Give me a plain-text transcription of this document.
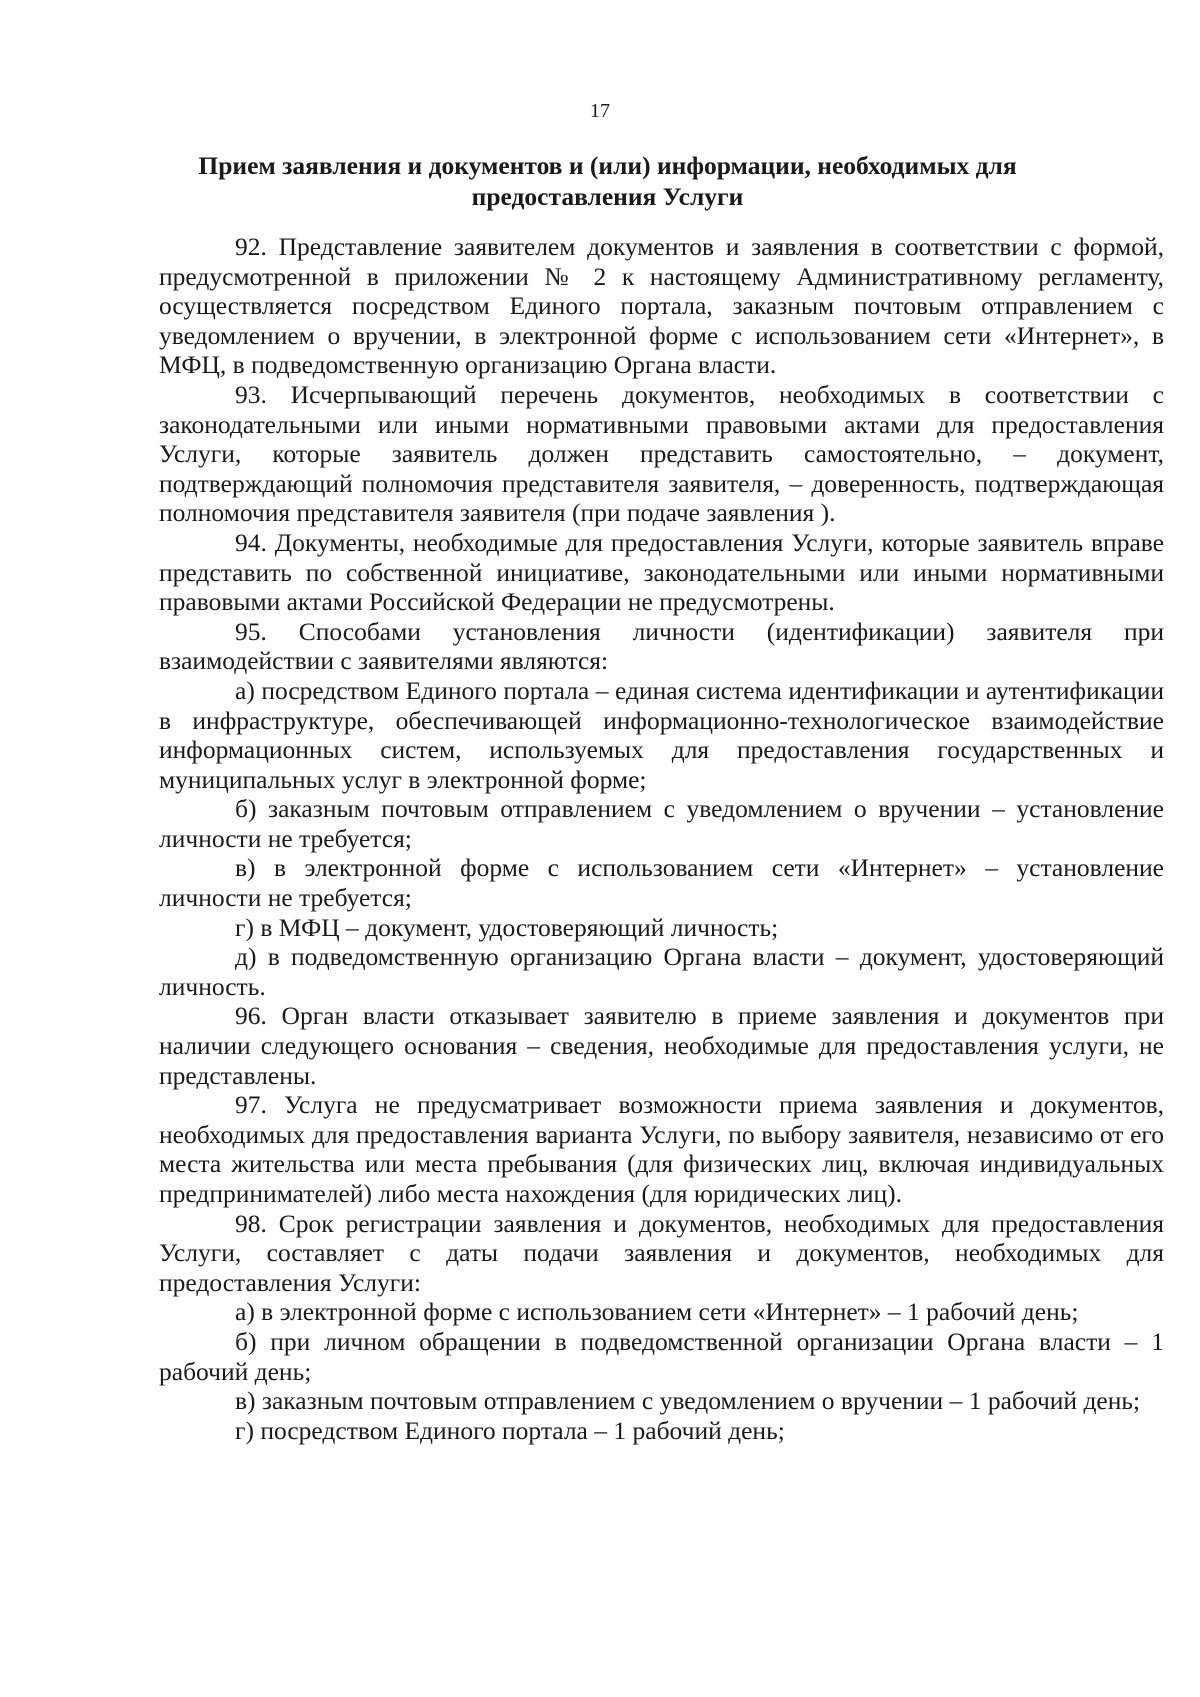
17
Прием заявления и документов и (или) информации, необходимых для
предоставления Услуги

92. Представление заявителем документов и заявления в соответствии с формой, предусмотренной в приложении № 2 к настоящему Административному регламенту, осуществляется посредством Единого портала, заказным почтовым отправлением с уведомлением о вручении, в электронной форме с использованием сети «Интернет», в МФЦ, в подведомственную организацию Органа власти.

93. Исчерпывающий перечень документов, необходимых в соответствии с законодательными или иными нормативными правовыми актами для предоставления Услуги, которые заявитель должен представить самостоятельно, – документ, подтверждающий полномочия представителя заявителя, – доверенность, подтверждающая полномочия представителя заявителя (при подаче заявления ).

94. Документы, необходимые для предоставления Услуги, которые заявитель вправе представить по собственной инициативе, законодательными или иными нормативными правовыми актами Российской Федерации не предусмотрены.

95. Способами установления личности (идентификации) заявителя при взаимодействии с заявителями являются:

а) посредством Единого портала – единая система идентификации и аутентификации в инфраструктуре, обеспечивающей информационно-технологическое взаимодействие информационных систем, используемых для предоставления государственных и муниципальных услуг в электронной форме;

б) заказным почтовым отправлением с уведомлением о вручении – установление личности не требуется;

в) в электронной форме с использованием сети «Интернет» – установление личности не требуется;

г) в МФЦ – документ, удостоверяющий личность;

д) в подведомственную организацию Органа власти – документ, удостоверяющий личность.

96. Орган власти отказывает заявителю в приеме заявления и документов при наличии следующего основания – сведения, необходимые для предоставления услуги, не представлены.

97. Услуга не предусматривает возможности приема заявления и документов, необходимых для предоставления варианта Услуги, по выбору заявителя, независимо от его места жительства или места пребывания (для физических лиц, включая индивидуальных предпринимателей) либо места нахождения (для юридических лиц).

98. Срок регистрации заявления и документов, необходимых для предоставления Услуги, составляет с даты подачи заявления и документов, необходимых для предоставления Услуги:

а) в электронной форме с использованием сети «Интернет» – 1 рабочий день;

б) при личном обращении в подведомственной организации Органа власти – 1 рабочий день;

в) заказным почтовым отправлением с уведомлением о вручении – 1 рабочий день;

г) посредством Единого портала – 1 рабочий день;
